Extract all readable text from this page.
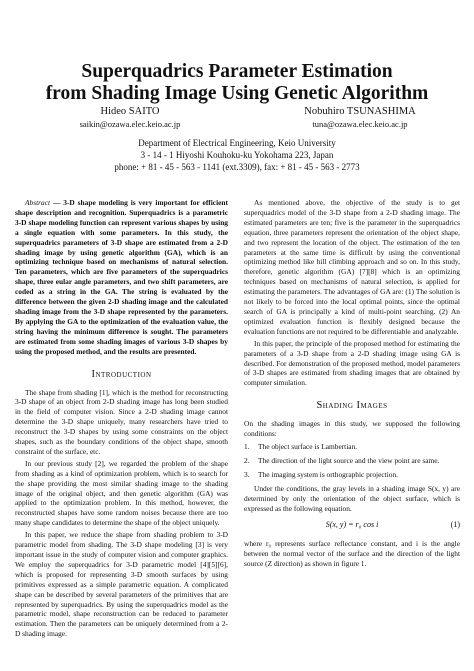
Superquadrics Parameter Estimation
from Shading Image Using Genetic Algorithm
Hideo SAITO
saikin@ozawa.elec.keio.ac.jp
Nobuhiro TSUNASHIMA
tuna@ozawa.elec.keio.ac.jp
Department of Electrical Engineering, Keio University
3 - 14 - 1 Hiyoshi Kouhoku-ku Yokohama 223, Japan
phone: + 81 - 45 - 563 - 1141 (ext.3309), fax: + 81 - 45 - 563 - 2773

Abstract — 3-D shape modeling is very important for efficient shape description and recognition. Superquadrics is a parametric 3-D shape modeling function can represent various shapes by using a single equation with some parameters. In this study, the superquadrics parameters of 3-D shape are estimated from a 2-D shading image by using genetic algorithm (GA), which is an optimizing technique based on mechanisms of natural selection. Ten parameters, which are five parameters of the superquadrics shape, three eular angle parameters, and two shift parameters, are coded as a string in the GA. The string is evaluated by the difference between the given 2-D shading image and the calculated shading image from the 3-D shape represented by the parameters. By applying the GA to the optimization of the evaluation value, the string having the minimum difference is sought. The parameters are estimated from some shading images of various 3-D shapes by using the proposed method, and the results are presented.

Introduction

The shape from shading [1], which is the method for reconstructing 3-D shape of an object from 2-D shading image has long been studied in the field of computer vision. Since a 2-D shading image cannot determine the 3-D shape uniquely, many researchers have tried to reconstruct the 3-D shapes by using some constraints on the object shapes, such as the boundary conditions of the object shape, smooth constraint of the surface, etc.

In our previous study [2], we regarded the problem of the shape from shading as a kind of optimization problem, which is to search for the shape providing the most similar shading image to the shading image of the original object, and then genetic algorithm (GA) was applied to the optimization problem. In this method, however, the reconstructed shapes have some random noises because there are too many shape candidates to determine the shape of the object uniquely.

In this paper, we reduce the shape from shading problem to 3-D parametric model from shading. The 3-D shape modeling [3] is very important issue in the study of computer vision and computer graphics. We employ the superquadrics for 3-D parametric model [4][5][6], which is proposed for representing 3-D smooth surfaces by using primitives expressed as a simple parametric equation. A complicated shape can be described by several parameters of the primitives that are represented by superquadrics. By using the superquadrics model as the parametric model, shape reconstruction can be reduced to parameter estimation. Then the parameters can be uniquely determined from a 2-D shading image.

As mentioned above, the objective of the study is to get superquadrics model of the 3-D shape from a 2-D shading image. The estimated parameters are ten; five is the parameter in the superquadrics equation, three parameters represent the orientation of the object shape, and two represent the location of the object. The estimation of the ten parameters at the same time is difficult by using the conventional optimizing method like hill climbing approach and so on. In this study, therefore, genetic algorithm (GA) [7][8] which is an optimizing techniques based on mechanisms of natural selection, is applied for estimating the parameters. The advantages of GA are: (1) The solution is not likely to be forced into the local optimal points, since the optimal search of GA is principally a kind of multi-point searching. (2) An optimized evaluation function is flexibly designed because the evaluation functions are not required to be differentiable and analyzable.

In this paper, the principle of the proposed method for estimating the parameters of a 3-D shape from a 2-D shading image using GA is described. For demonstration of the proposed method, model parameters of 3-D shapes are estimated from shading images that are obtained by computer simulation.

Shading Images

On the shading images in this study, we supposed the following conditions:

1. The object surface is Lambertian.
2. The direction of the light source and the view point are same.
3. The imaging system is orthographic projection.

Under the conditions, the gray levels in a shading image S(x, y) are determined by only the orientation of the object surface, which is expressed as the following equation.

S(x, y) = r₀ cos i	(1)

where r₀ represents surface reflectance constant, and i is the angle between the normal vector of the surface and the direction of the light source (Z direction) as shown in figure 1.
